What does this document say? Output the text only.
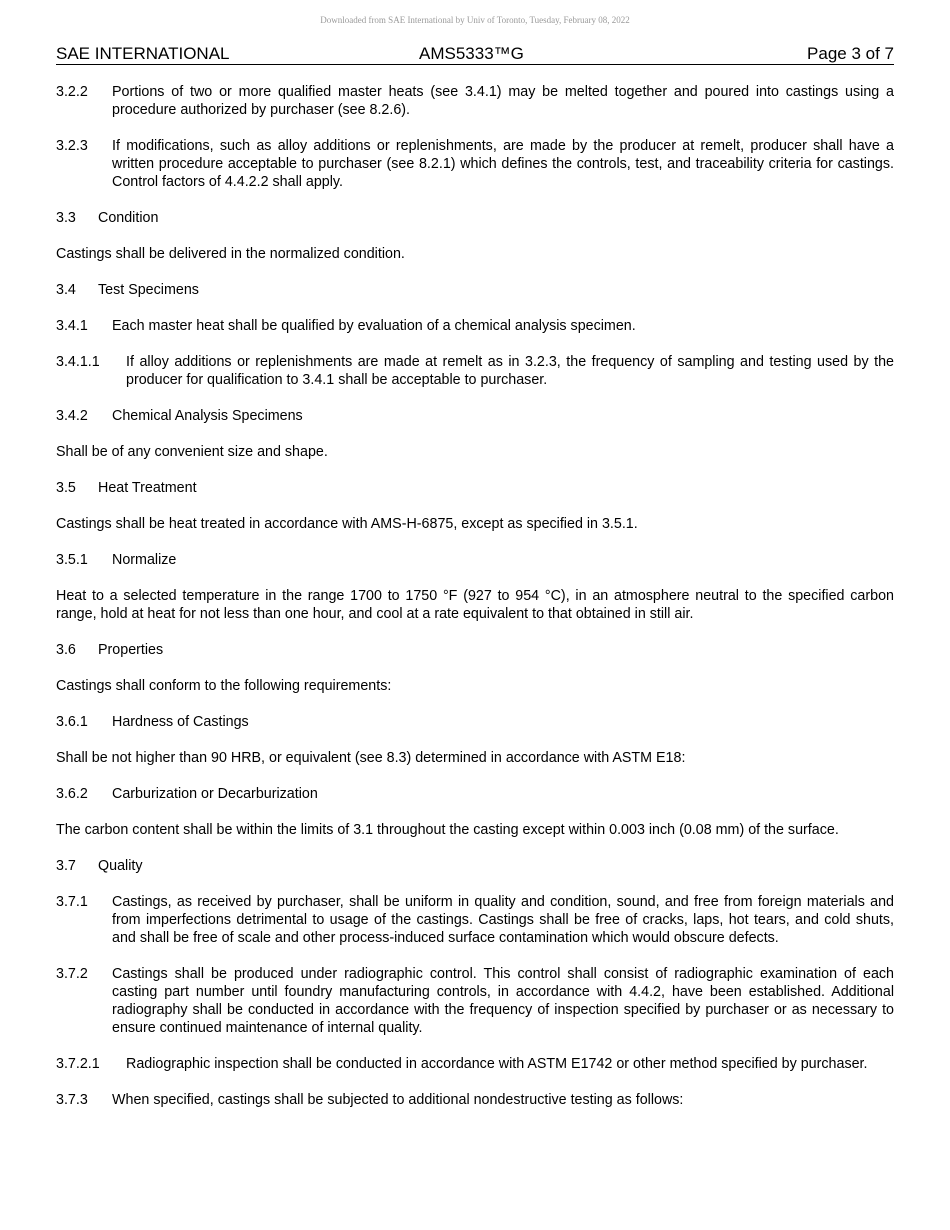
Downloaded from SAE International by Univ of Toronto, Tuesday, February 08, 2022
SAE INTERNATIONAL	AMS5333™G	Page 3 of 7
3.2.2 Portions of two or more qualified master heats (see 3.4.1) may be melted together and poured into castings using a procedure authorized by purchaser (see 8.2.6).
3.2.3 If modifications, such as alloy additions or replenishments, are made by the producer at remelt, producer shall have a written procedure acceptable to purchaser (see 8.2.1) which defines the controls, test, and traceability criteria for castings. Control factors of 4.4.2.2 shall apply.
3.3 Condition
Castings shall be delivered in the normalized condition.
3.4 Test Specimens
3.4.1 Each master heat shall be qualified by evaluation of a chemical analysis specimen.
3.4.1.1 If alloy additions or replenishments are made at remelt as in 3.2.3, the frequency of sampling and testing used by the producer for qualification to 3.4.1 shall be acceptable to purchaser.
3.4.2 Chemical Analysis Specimens
Shall be of any convenient size and shape.
3.5 Heat Treatment
Castings shall be heat treated in accordance with AMS-H-6875, except as specified in 3.5.1.
3.5.1 Normalize
Heat to a selected temperature in the range 1700 to 1750 °F (927 to 954 °C), in an atmosphere neutral to the specified carbon range, hold at heat for not less than one hour, and cool at a rate equivalent to that obtained in still air.
3.6 Properties
Castings shall conform to the following requirements:
3.6.1 Hardness of Castings
Shall be not higher than 90 HRB, or equivalent (see 8.3) determined in accordance with ASTM E18:
3.6.2 Carburization or Decarburization
The carbon content shall be within the limits of 3.1 throughout the casting except within 0.003 inch (0.08 mm) of the surface.
3.7 Quality
3.7.1 Castings, as received by purchaser, shall be uniform in quality and condition, sound, and free from foreign materials and from imperfections detrimental to usage of the castings. Castings shall be free of cracks, laps, hot tears, and cold shuts, and shall be free of scale and other process-induced surface contamination which would obscure defects.
3.7.2 Castings shall be produced under radiographic control. This control shall consist of radiographic examination of each casting part number until foundry manufacturing controls, in accordance with 4.4.2, have been established. Additional radiography shall be conducted in accordance with the frequency of inspection specified by purchaser or as necessary to ensure continued maintenance of internal quality.
3.7.2.1 Radiographic inspection shall be conducted in accordance with ASTM E1742 or other method specified by purchaser.
3.7.3 When specified, castings shall be subjected to additional nondestructive testing as follows:
